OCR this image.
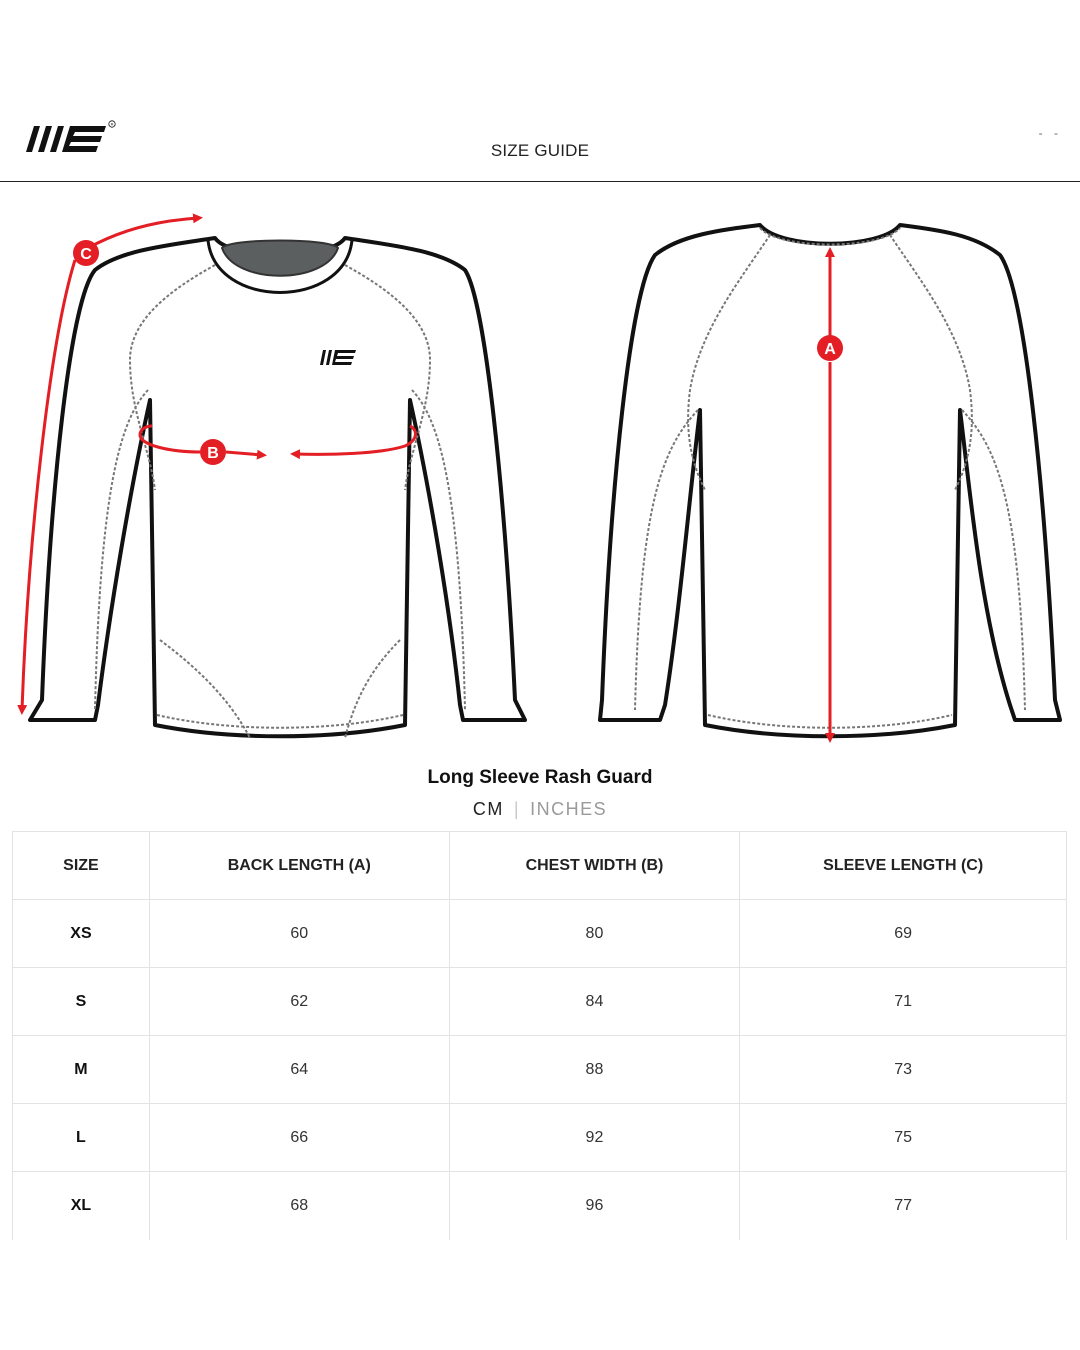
R
SIZE GUIDE
- -
C
B
A
Long Sleeve Rash Guard
CM | INCHES
SIZE	BACK LENGTH (A)	CHEST WIDTH (B)	SLEEVE LENGTH (C)
XS	60	80	69
S	62	84	71
M	64	88	73
L	66	92	75
XL	68	96	77
